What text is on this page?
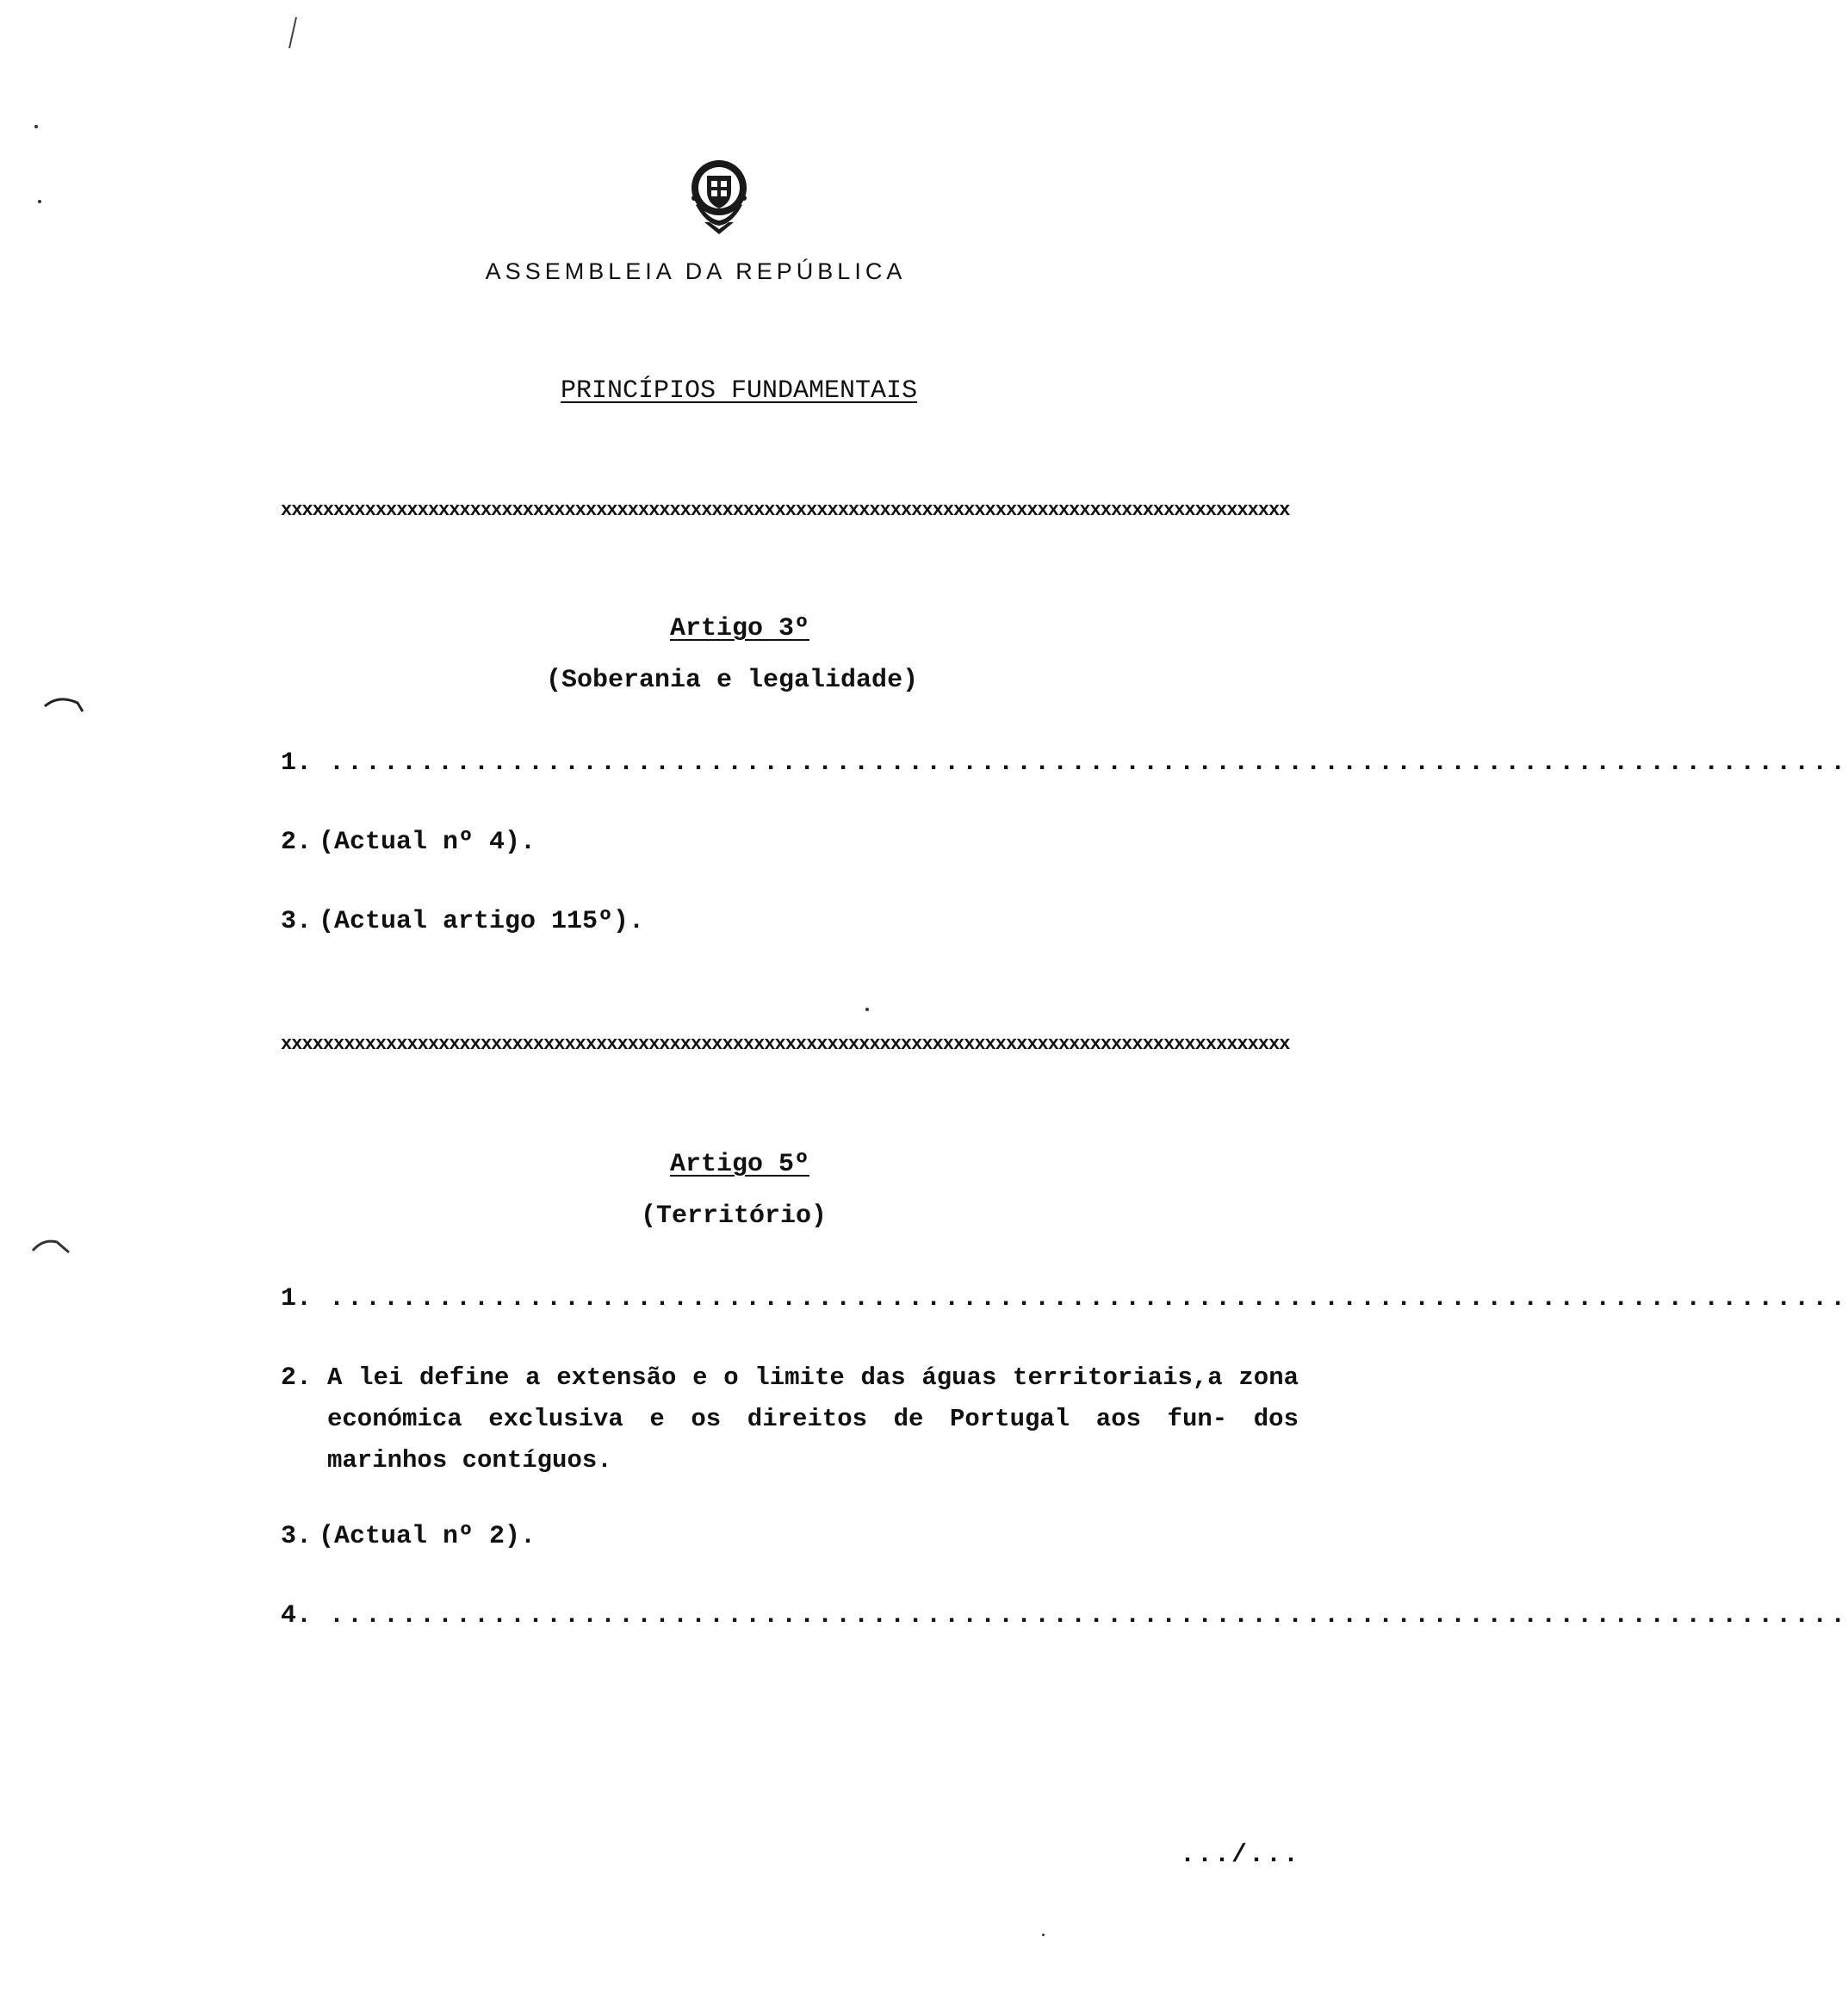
ASSEMBLEIA DA REPÚBLICA
PRINCÍPIOS FUNDAMENTAIS
xxxxxxxxxxxxxxxxxxxxxxxxxxxxxxxxxxxxxxxxxxxxxxxxxxxxxxxxxxxxxxxxxxxxxxxxxxxxxxxxxxxxxxxxxxxxxxxx
Artigo 3º
(Soberania e legalidade)

1.

....................................................................................

2.

(Actual nº 4).

3.

(Actual artigo 115º).

xxxxxxxxxxxxxxxxxxxxxxxxxxxxxxxxxxxxxxxxxxxxxxxxxxxxxxxxxxxxxxxxxxxxxxxxxxxxxxxxxxxxxxxxxxxxxxxx
Artigo 5º
(Território)

1.

....................................................................................

2.

A lei define a extensão e o limite das águas territoriais,a zona económica exclusiva e os direitos de Portugal aos fun- dos marinhos contíguos.

3.

(Actual nº 2).

4.

....................................................................................

.../...
